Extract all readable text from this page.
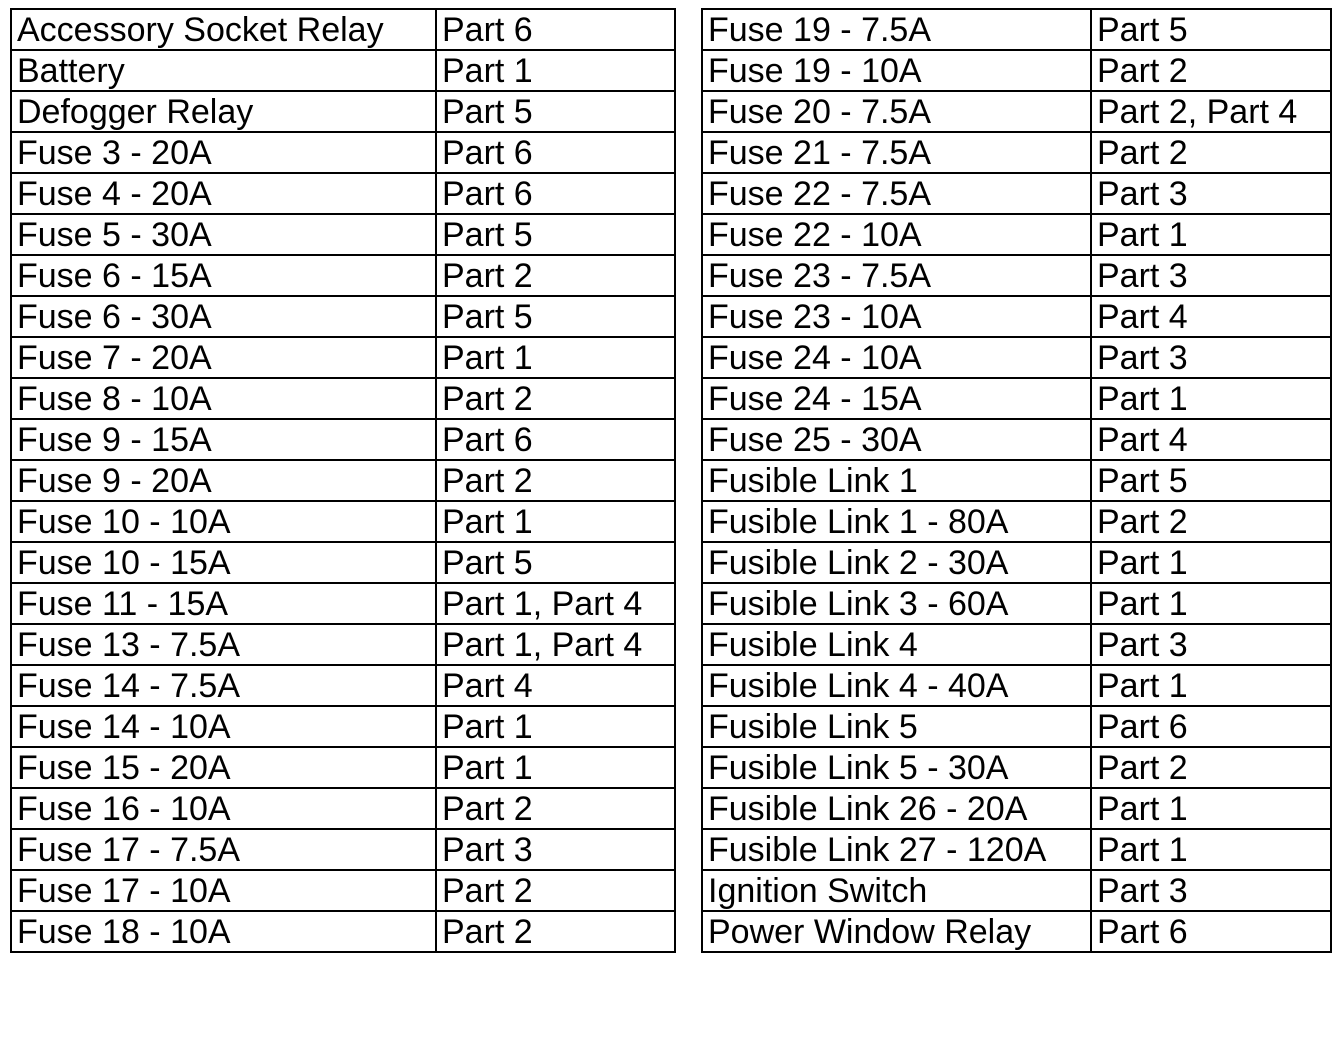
Accessory Socket Relay	Part 6
Battery	Part 1
Defogger Relay	Part 5
Fuse 3 - 20A	Part 6
Fuse 4 - 20A	Part 6
Fuse 5 - 30A	Part 5
Fuse 6 - 15A	Part 2
Fuse 6 - 30A	Part 5
Fuse 7 - 20A	Part 1
Fuse 8 - 10A	Part 2
Fuse 9 - 15A	Part 6
Fuse 9 - 20A	Part 2
Fuse 10 - 10A	Part 1
Fuse 10 - 15A	Part 5
Fuse 11 - 15A	Part 1, Part 4
Fuse 13 - 7.5A	Part 1, Part 4
Fuse 14 - 7.5A	Part 4
Fuse 14 - 10A	Part 1
Fuse 15 - 20A	Part 1
Fuse 16 - 10A	Part 2
Fuse 17 - 7.5A	Part 3
Fuse 17 - 10A	Part 2
Fuse 18 - 10A	Part 2
Fuse 19 - 7.5A	Part 5
Fuse 19 - 10A	Part 2
Fuse 20 - 7.5A	Part 2, Part 4
Fuse 21 - 7.5A	Part 2
Fuse 22 - 7.5A	Part 3
Fuse 22 - 10A	Part 1
Fuse 23 - 7.5A	Part 3
Fuse 23 - 10A	Part 4
Fuse 24 - 10A	Part 3
Fuse 24 - 15A	Part 1
Fuse 25 - 30A	Part 4
Fusible Link 1	Part 5
Fusible Link 1 - 80A	Part 2
Fusible Link 2 - 30A	Part 1
Fusible Link 3 - 60A	Part 1
Fusible Link 4	Part 3
Fusible Link 4 - 40A	Part 1
Fusible Link 5	Part 6
Fusible Link 5 - 30A	Part 2
Fusible Link 26 - 20A	Part 1
Fusible Link 27 - 120A	Part 1
Ignition Switch	Part 3
Power Window Relay	Part 6
